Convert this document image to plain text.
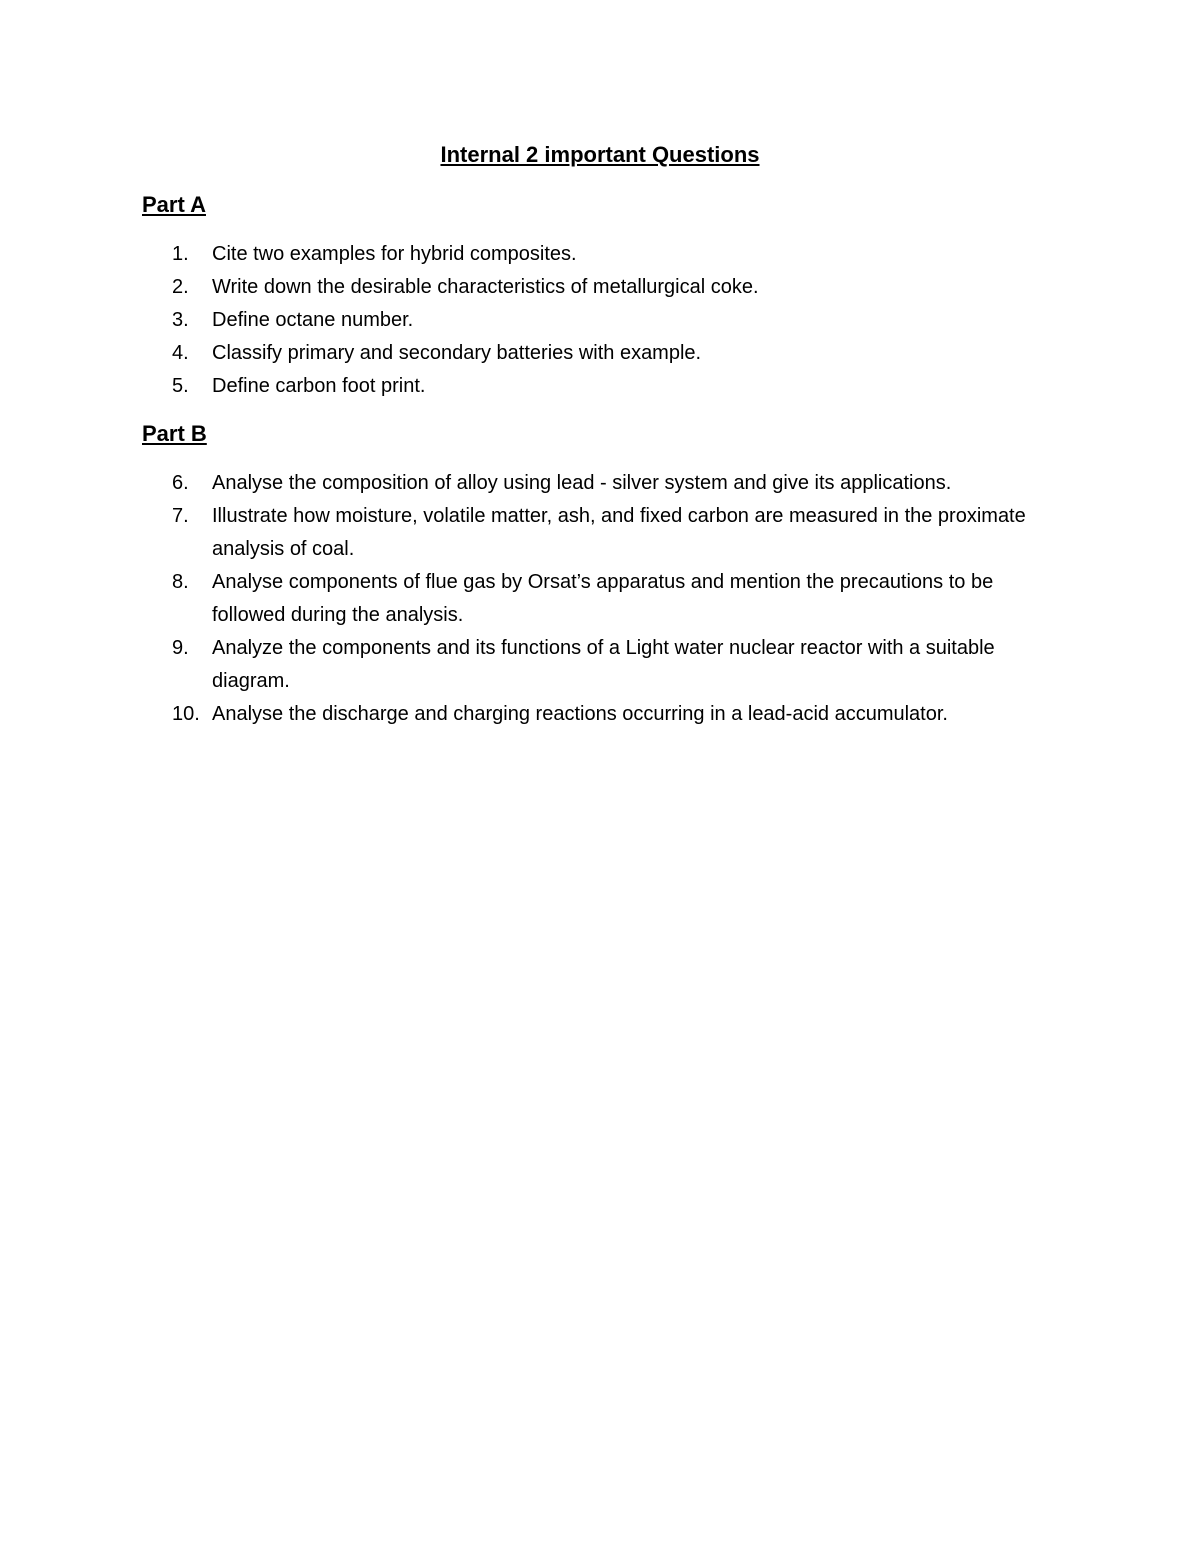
Internal 2 important Questions
Part A
1.	Cite two examples for hybrid composites.
2.	Write down the desirable characteristics of metallurgical coke.
3.	Define octane number.
4.	Classify primary and secondary batteries with example.
5.	Define carbon foot print.
Part B
6.	Analyse the composition of alloy using lead - silver system and give its applications.
7.	Illustrate how moisture, volatile matter, ash, and fixed carbon are measured in the proximate analysis of coal.
8.	Analyse components of flue gas by Orsat’s apparatus and mention the precautions to be followed during the analysis.
9.	Analyze the components and its functions of a Light water nuclear reactor with a suitable diagram.
10. Analyse the discharge and charging reactions occurring in a lead-acid accumulator.
